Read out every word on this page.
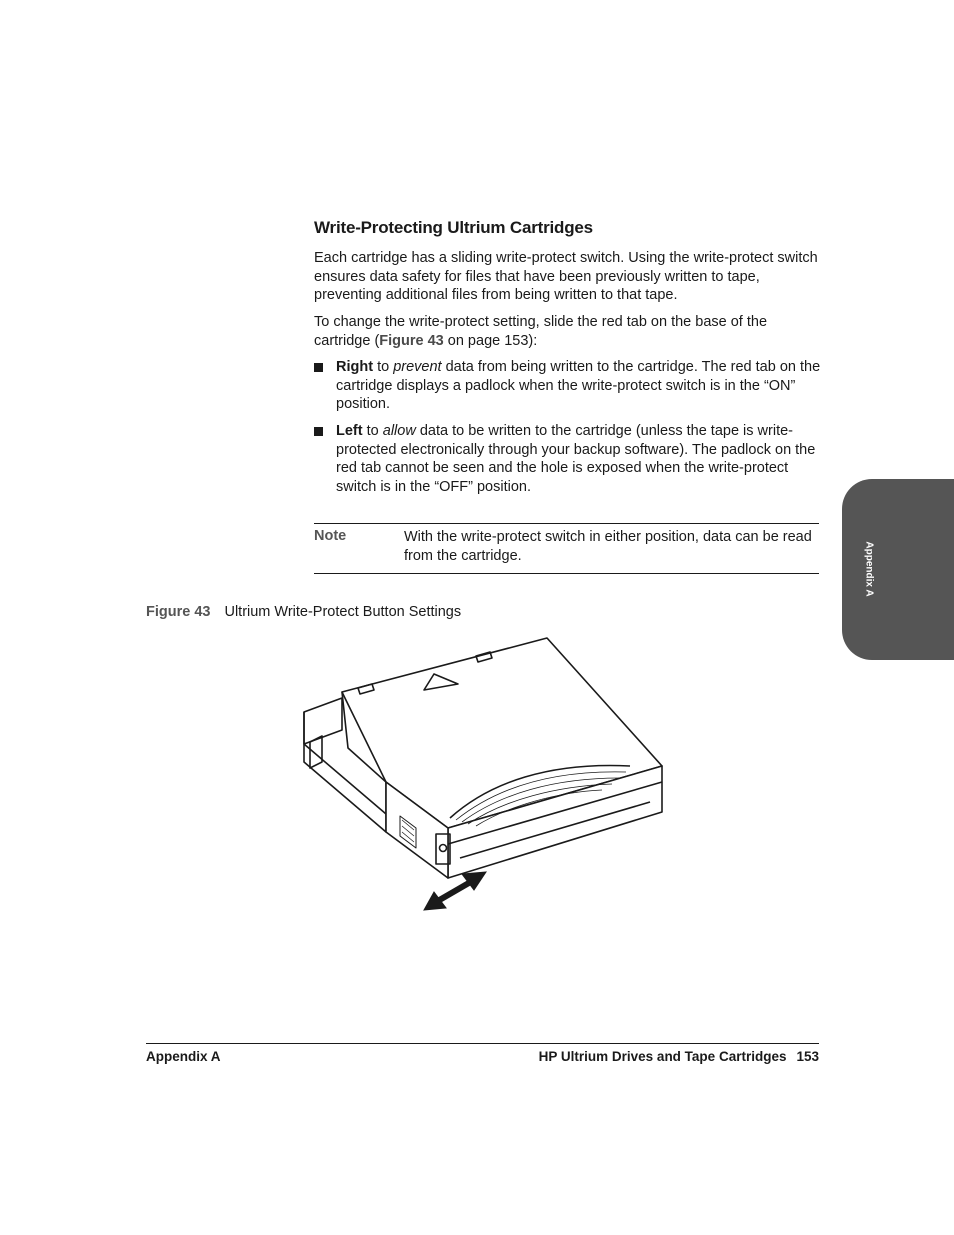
Write-Protecting Ultrium Cartridges

Each cartridge has a sliding write-protect switch. Using the write-protect switch ensures data safety for files that have been previously written to tape, preventing additional files from being written to that tape.

To change the write-protect setting, slide the red tab on the base of the cartridge (Figure 43 on page 153):

Right to prevent data from being written to the cartridge. The red tab on the cartridge displays a padlock when the write-protect switch is in the “ON” position.
Left to allow data to be written to the cartridge (unless the tape is write-protected electronically through your backup software). The padlock on the red tab cannot be seen and the hole is exposed when the write-protect switch is in the “OFF” position.
Note	With the write-protect switch in either position, data can be read from the cartridge.
Figure 43 Ultrium Write-Protect Button Settings
Appendix A
Appendix A	HP Ultrium Drives and Tape Cartridges 153
